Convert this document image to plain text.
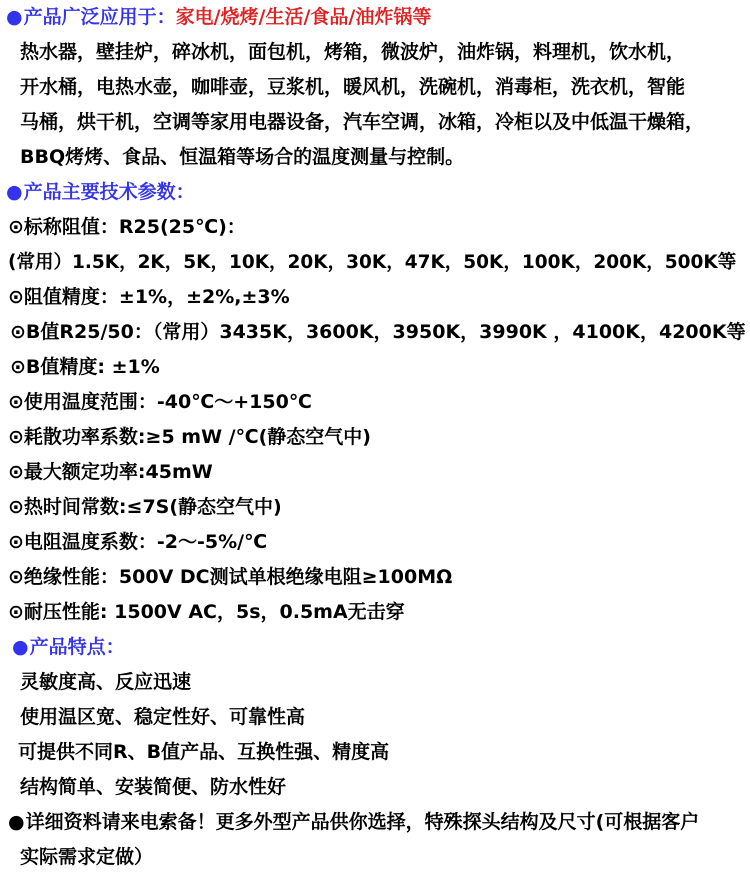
●产品广泛应用于：家电/烧烤/生活/食品/油炸锅等
热水器，壁挂炉，碎冰机，面包机，烤箱，微波炉，油炸锅，料理机，饮水机，
开水桶，电热水壶，咖啡壶，豆浆机，暖风机，洗碗机，消毒柜，洗衣机，智能
马桶，烘干机，空调等家用电器设备，汽车空调，冰箱，冷柜以及中低温干燥箱，
BBQ烤烤、食品、恒温箱等场合的温度测量与控制。
●产品主要技术参数：
⊙标称阻值：R25(25℃)：
(常用）1.5K，2K，5K，10K，20K，30K，47K，50K，100K，200K，500K等
⊙阻值精度：±1%，±2%,±3%
⊙B值R25/50：（常用）3435K，3600K，3950K，3990K ，4100K，4200K等
⊙B值精度: ±1%
⊙使用温度范围：-40℃～+150℃
⊙耗散功率系数:≥5 mW /℃(静态空气中)
⊙最大额定功率:45mW
⊙热时间常数:≤7S(静态空气中)
⊙电阻温度系数：-2～-5%/℃
⊙绝缘性能：500V DC测试单根绝缘电阻≥100MΩ
⊙耐压性能: 1500V AC，5s，0.5mA无击穿
●产品特点：
灵敏度高、反应迅速
使用温区宽、稳定性好、可靠性高
可提供不同R、B值产品、互换性强、精度高
结构简单、安装简便、防水性好
●详细资料请来电索备！更多外型产品供你选择，特殊探头结构及尺寸(可根据客户
实际需求定做）
